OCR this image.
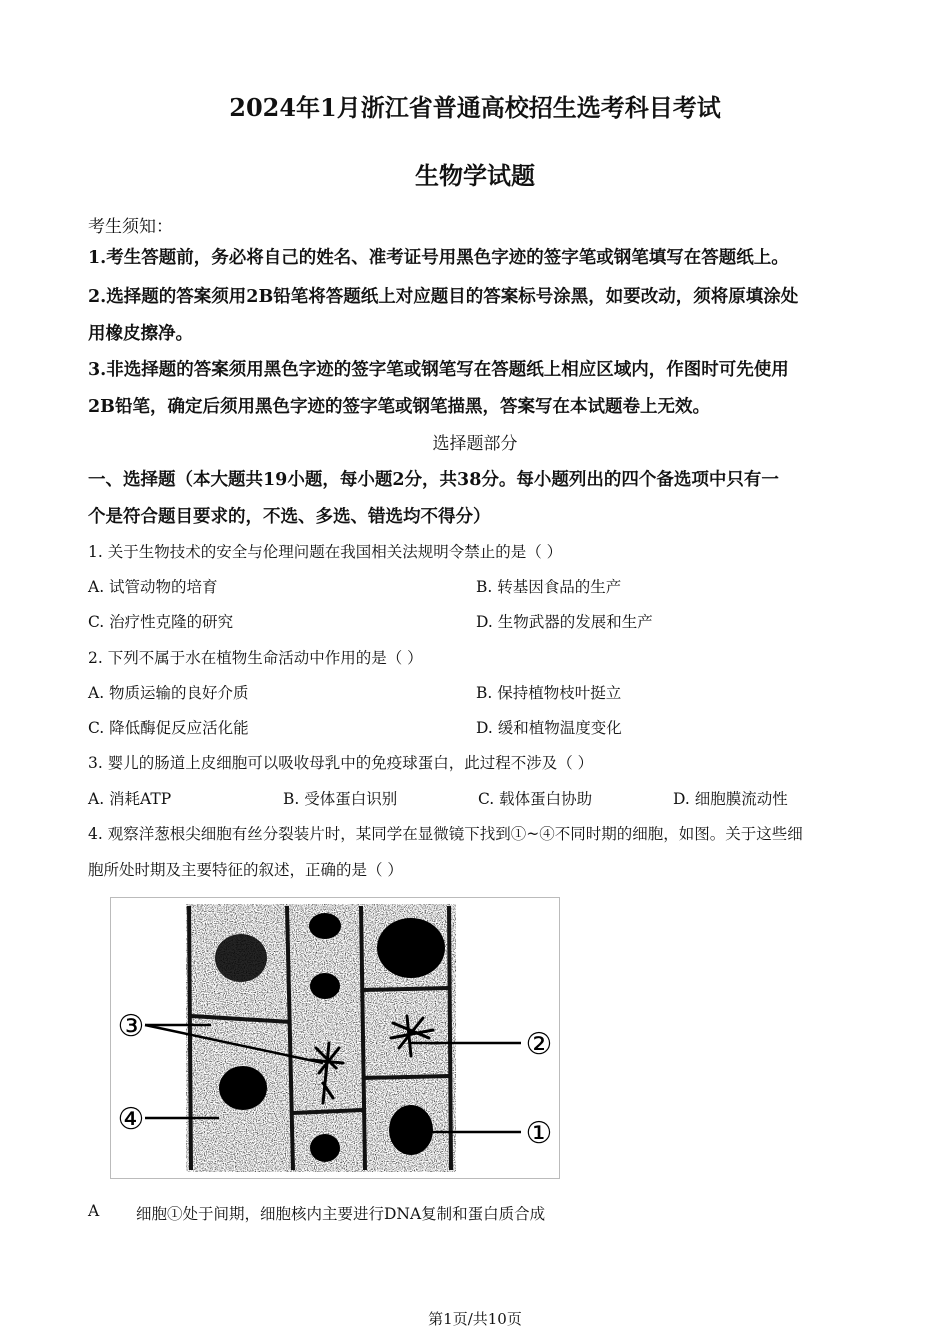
2024年1月浙江省普通高校招生选考科目考试
生物学试题
考生须知：
1.考生答题前，务必将自己的姓名、准考证号用黑色字迹的签字笔或钢笔填写在答题纸上。
2.选择题的答案须用2B铅笔将答题纸上对应题目的答案标号涂黑，如要改动，须将原填涂处
用橡皮擦净。
3.非选择题的答案须用黑色字迹的签字笔或钢笔写在答题纸上相应区域内，作图时可先使用
2B铅笔，确定后须用黑色字迹的签字笔或钢笔描黑，答案写在本试题卷上无效。
选择题部分
一、选择题（本大题共19小题，每小题2分，共38分。每小题列出的四个备选项中只有一
个是符合题目要求的，不选、多选、错选均不得分）
1. 关于生物技术的安全与伦理问题在我国相关法规明令禁止的是（ ）
A. 试管动物的培育	B. 转基因食品的生产
C. 治疗性克隆的研究	D. 生物武器的发展和生产
2. 下列不属于水在植物生命活动中作用的是（ ）
A. 物质运输的良好介质	B. 保持植物枝叶挺立
C. 降低酶促反应活化能	D. 缓和植物温度变化
3. 婴儿的肠道上皮细胞可以吸收母乳中的免疫球蛋白，此过程不涉及（ ）
A. 消耗ATP	B. 受体蛋白识别	C. 载体蛋白协助	D. 细胞膜流动性
4. 观察洋葱根尖细胞有丝分裂装片时，某同学在显微镜下找到①~④不同时期的细胞，如图。关于这些细
胞所处时期及主要特征的叙述，正确的是（ ）
③
②
④	①
A 细胞①处于间期，细胞核内主要进行DNA复制和蛋白质合成
第1页/共10页
